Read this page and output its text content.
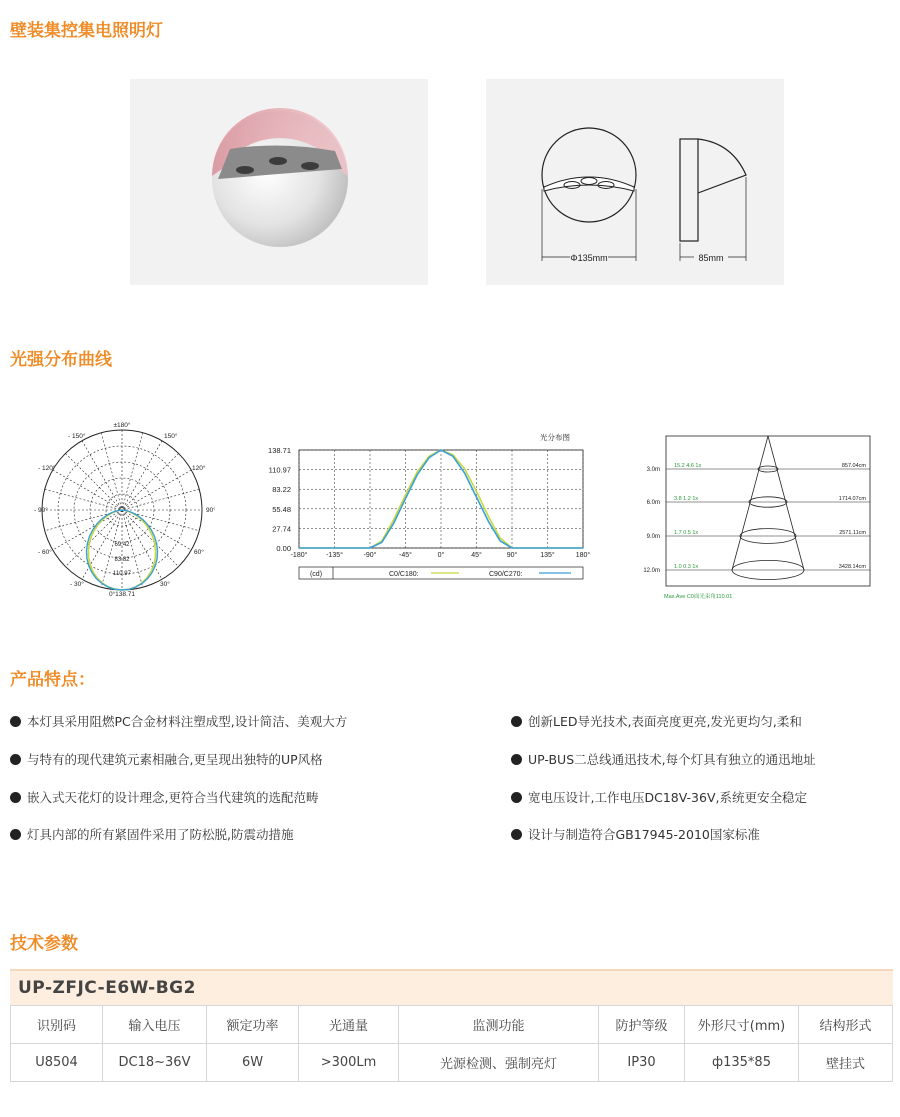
壁装集控集电照明灯
Φ135mm	85mm
光强分布曲线
±180°
- 150°	150°
- 120°	120°
- 90°	90°
- 60°	60°
- 30°	30°
69.42
83.82
110.97
0°138.71
光分布图
-180°	-135°	-90°	-45°	0°	45°	90°	135°	180°
138.71
110.97
83.22
55.48
27.74
0.00
(cd)	C0/C180:	C90/C270:
3.0m
15.2 4.6 1x	857.04cm
6.0m
3.8 1.2 1x	1714.07cm
9.0m
1.7 0.5 1x	2571.11cm
12.0m
1.0 0.3 1x	3428.14cm
Max.Ave C0面光束角110.01
产品特点：
本灯具采用阻燃PC合金材料注塑成型,设计简洁、美观大方
与特有的现代建筑元素相融合,更呈现出独特的UP风格
嵌入式天花灯的设计理念,更符合当代建筑的选配范畴
灯具内部的所有紧固件采用了防松脱,防震动措施
创新LED导光技术,表面亮度更亮,发光更均匀,柔和
UP-BUS二总线通迅技术,每个灯具有独立的通迅地址
宽电压设计,工作电压DC18V-36V,系统更安全稳定
设计与制造符合GB17945-2010国家标准
技术参数
UP-ZFJC-E6W-BG2
识别码	输入电压	额定功率	光通量	监测功能	防护等级	外形尺寸(mm)	结构形式
U8504	DC18~36V	6W	>300Lm	光源检测、强制亮灯	IP30	ф135*85	壁挂式
